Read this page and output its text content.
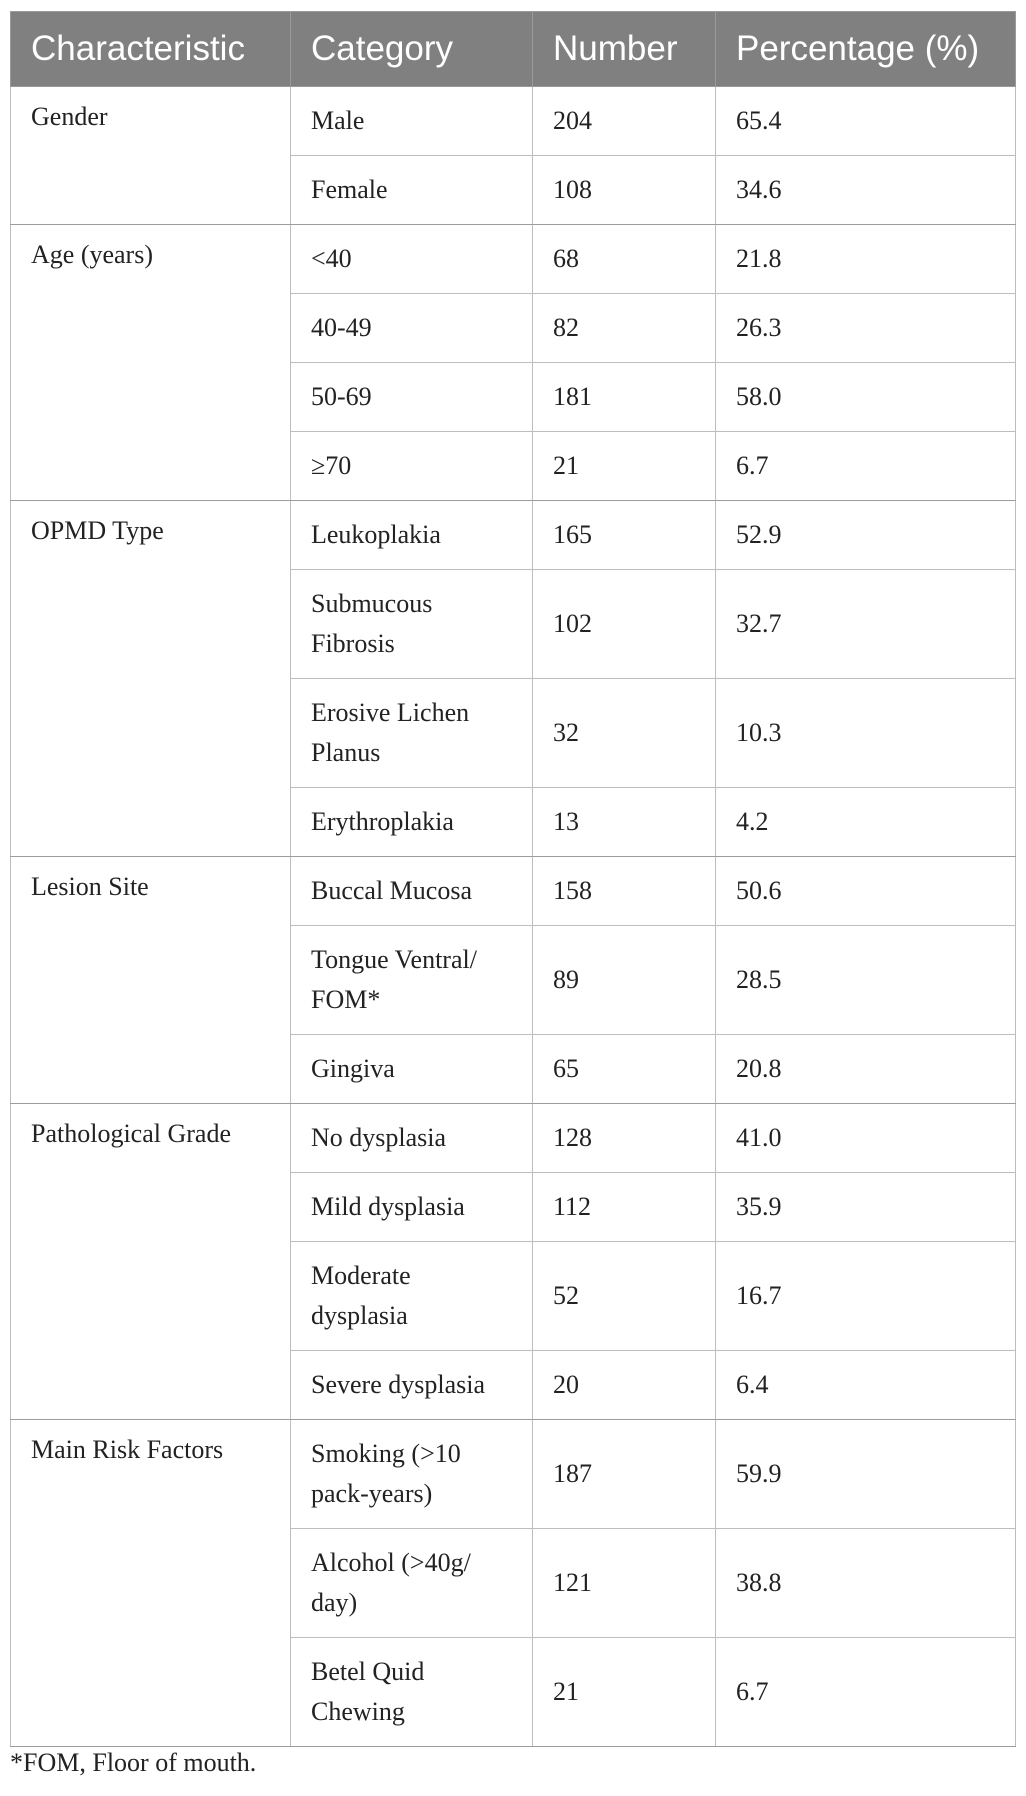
Characteristic	Category	Number	Percentage (%)
Gender	Male	204	65.4
	Female	108	34.6
Age (years)	<40	68	21.8
	40-49	82	26.3
	50-69	181	58.0
	≥70	21	6.7
OPMD Type	Leukoplakia	165	52.9
	Submucous Fibrosis	102	32.7
	Erosive Lichen Planus	32	10.3
	Erythroplakia	13	4.2
Lesion Site	Buccal Mucosa	158	50.6
	Tongue Ventral/ FOM*	89	28.5
	Gingiva	65	20.8
Pathological Grade	No dysplasia	128	41.0
	Mild dysplasia	112	35.9
	Moderate dysplasia	52	16.7
	Severe dysplasia	20	6.4
Main Risk Factors	Smoking (>10 pack-years)	187	59.9
	Alcohol (>40g/ day)	121	38.8
	Betel Quid Chewing	21	6.7
*FOM, Floor of mouth.
